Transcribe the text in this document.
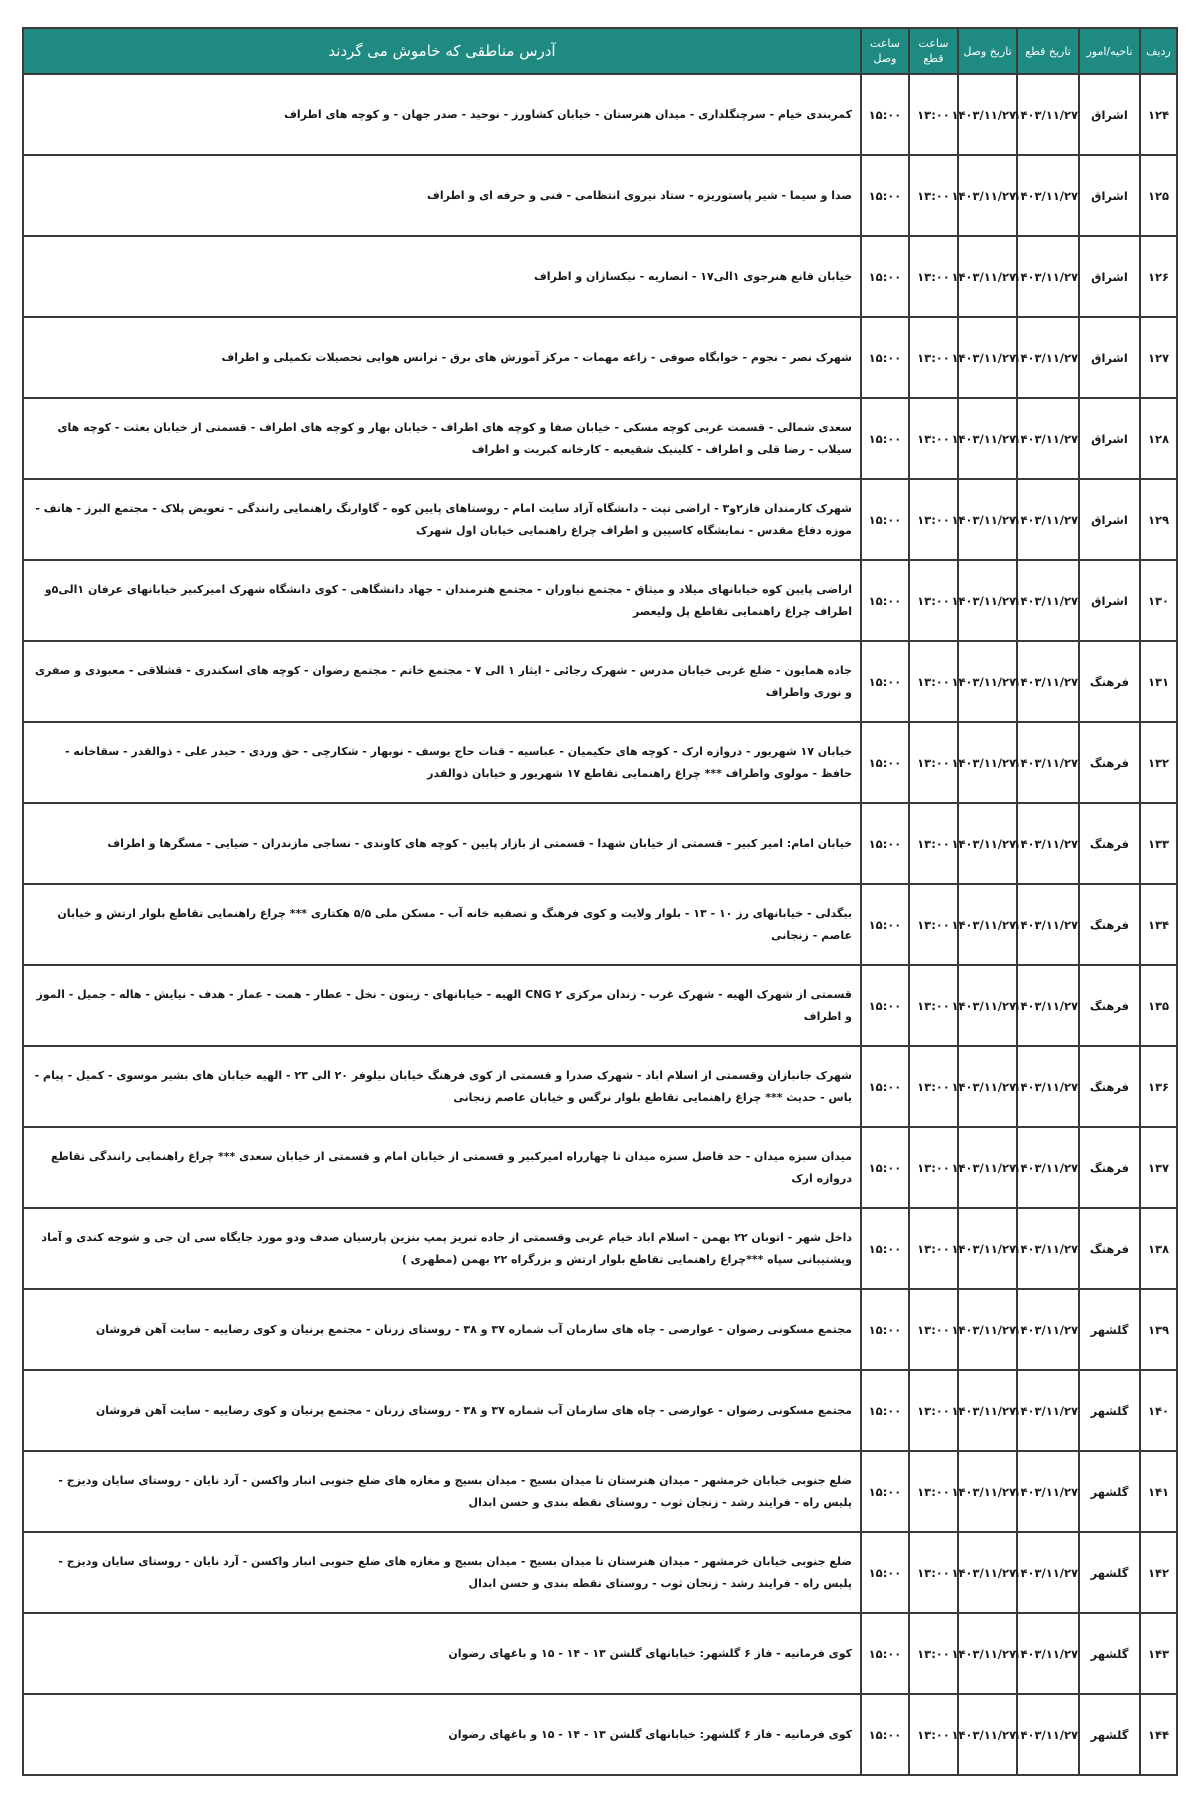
ردیف	ناحیه/امور	تاریخ قطع	تاریخ وصل	ساعت قطع	ساعت وصل	آدرس مناطقی که خاموش می گردند

۱۲۴	اشراق	۱۴۰۳/۱۱/۲۷	۱۴۰۳/۱۱/۲۷	۱۳:۰۰	۱۵:۰۰	کمربندی خیام - سرچنگلداری - میدان هنرستان - خیابان کشاورز - نوحید - صدر جهان - و کوچه های اطراف
۱۲۵	اشراق	۱۴۰۳/۱۱/۲۷	۱۴۰۳/۱۱/۲۷	۱۳:۰۰	۱۵:۰۰	صدا و سیما - شیر پاستوریزه - ستاد نیروی انتظامی - فنی و حرفه ای و اطراف
۱۲۶	اشراق	۱۴۰۳/۱۱/۲۷	۱۴۰۳/۱۱/۲۷	۱۳:۰۰	۱۵:۰۰	خیابان قانع هنرجوی ۱الی۱۷ - انصاریه - نیکسازان و اطراف
۱۲۷	اشراق	۱۴۰۳/۱۱/۲۷	۱۴۰۳/۱۱/۲۷	۱۳:۰۰	۱۵:۰۰	شهرک نصر - نجوم - خوابگاه صوفی - زاغه مهمات - مرکز آموزش های برق - ترانس هوایی تحصیلات تکمیلی و اطراف
۱۲۸	اشراق	۱۴۰۳/۱۱/۲۷	۱۴۰۳/۱۱/۲۷	۱۳:۰۰	۱۵:۰۰	سعدی شمالی - قسمت غربی کوچه مسکی - خیابان صفا و کوچه های اطراف - خیابان بهار و کوچه های اطراف - قسمتی از خیابان بعثت - کوچه های سیلاب - رضا قلی و اطراف - کلینیک شقیعیه - کارخانه کبریت و اطراف
۱۲۹	اشراق	۱۴۰۳/۱۱/۲۷	۱۴۰۳/۱۱/۲۷	۱۳:۰۰	۱۵:۰۰	شهرک کارمندان فاز۲و۳ - اراضی تپت - دانشگاه آزاد سایت امام - روستاهای پایین کوه - گاوارنگ راهنمایی رانندگی - تعویض پلاک - مجتمع البرز - هاتف - موزه دفاع مقدس - نمایشگاه کاسپین و اطراف چراغ راهنمایی خیابان اول شهرک
۱۳۰	اشراق	۱۴۰۳/۱۱/۲۷	۱۴۰۳/۱۱/۲۷	۱۳:۰۰	۱۵:۰۰	اراضی پایین کوه خیابانهای میلاد و میثاق - مجتمع نیاوران - مجتمع هنرمندان - جهاد دانشگاهی - کوی دانشگاه شهرک امیرکبیر خیابانهای عرفان ۱الی۵و اطراف چراغ راهنمایی تقاطع پل ولیعصر
۱۳۱	فرهنگ	۱۴۰۳/۱۱/۲۷	۱۴۰۳/۱۱/۲۷	۱۳:۰۰	۱۵:۰۰	جاده همایون - ضلع غربی خیابان مدرس - شهرک رجائی - ایثار ۱ الی ۷ - مجتمع خاتم - مجتمع رضوان - کوچه های اسکندری - قشلاقی - معبودی و صفری و نوری واطراف
۱۳۲	فرهنگ	۱۴۰۳/۱۱/۲۷	۱۴۰۳/۱۱/۲۷	۱۳:۰۰	۱۵:۰۰	خیابان ۱۷ شهریور - دروازه ارک - کوچه های حکیمیان - عباسیه - قنات حاج یوسف - نوبهار - شکارچی - حق وردی - حیدر علی - ذوالقدر - سقاخانه - حافظ - مولوی واطراف *** چراغ راهنمایی تقاطع ۱۷ شهریور و خیابان ذوالقدر
۱۳۳	فرهنگ	۱۴۰۳/۱۱/۲۷	۱۴۰۳/۱۱/۲۷	۱۳:۰۰	۱۵:۰۰	خیابان امام: امیر کبیر - قسمتی از خیابان شهدا - قسمتی از بازار پایین - کوچه های کاوندی - نساجی مازندران - ضیایی - مسگرها و اطراف
۱۳۴	فرهنگ	۱۴۰۳/۱۱/۲۷	۱۴۰۳/۱۱/۲۷	۱۳:۰۰	۱۵:۰۰	بیگدلی - خیابانهای رز ۱۰ - ۱۳ - بلوار ولایت و کوی فرهنگ و تصفیه خانه آب - مسکن ملی ۵/۵ هکتاری *** چراغ راهنمایی تقاطع بلوار ارتش و خیابان عاصم - زنجانی
۱۳۵	فرهنگ	۱۴۰۳/۱۱/۲۷	۱۴۰۳/۱۱/۲۷	۱۳:۰۰	۱۵:۰۰	قسمتی از شهرک الهیه - شهرک غرب - زندان مرکزی CNG ۲ الهیه - خیابانهای - زیتون - نخل - عطار - همت - عمار - هدف - نیایش - هاله - جمیل - الموز و اطراف
۱۳۶	فرهنگ	۱۴۰۳/۱۱/۲۷	۱۴۰۳/۱۱/۲۷	۱۳:۰۰	۱۵:۰۰	شهرک جانبازان وقسمتی از اسلام اباد - شهرک صدرا و قسمتی از کوی فرهنگ خیابان نیلوفر ۲۰ الی ۲۳ - الهیه خیابان های بشیر موسوی - کمیل - پیام - یاس - حدیث *** چراغ راهنمایی تقاطع بلوار نرگس و خیابان عاصم زنجانی
۱۳۷	فرهنگ	۱۴۰۳/۱۱/۲۷	۱۴۰۳/۱۱/۲۷	۱۳:۰۰	۱۵:۰۰	میدان سبزه میدان - حد فاصل سبزه میدان تا چهارراه امیرکبیر و قسمتی از خیابان امام و قسمتی از خیابان سعدی *** چراغ راهنمایی رانندگی تقاطع دروازه ارک
۱۳۸	فرهنگ	۱۴۰۳/۱۱/۲۷	۱۴۰۳/۱۱/۲۷	۱۳:۰۰	۱۵:۰۰	داخل شهر - اتوبان ۲۲ بهمن - اسلام اباد خیام غربی وقسمتی از جاده تبریز پمپ بنزین پارسیان صدف ودو مورد جایگاه سی ان جی و شوجه کندی و آماد وپشتیبانی سپاه ***چراغ راهنمایی تقاطع بلوار ارتش و بزرگراه ۲۲ بهمن (مطهری )
۱۳۹	گلشهر	۱۴۰۳/۱۱/۲۷	۱۴۰۳/۱۱/۲۷	۱۳:۰۰	۱۵:۰۰	مجتمع مسکونی رضوان - عوارضی - چاه های سازمان آب شماره ۳۷ و ۳۸ - روستای زرنان - مجتمع پرنیان و کوی رضاییه - سایت آهن فروشان
۱۴۰	گلشهر	۱۴۰۳/۱۱/۲۷	۱۴۰۳/۱۱/۲۷	۱۳:۰۰	۱۵:۰۰	مجتمع مسکونی رضوان - عوارضی - چاه های سازمان آب شماره ۳۷ و ۳۸ - روستای زرنان - مجتمع پرنیان و کوی رضاییه - سایت آهن فروشان
۱۴۱	گلشهر	۱۴۰۳/۱۱/۲۷	۱۴۰۳/۱۱/۲۷	۱۳:۰۰	۱۵:۰۰	ضلع جنوبی خیابان خرمشهر - میدان هنرستان تا میدان بسیج - میدان بسیج و مغازه های ضلع جنوبی انبار واکسن - آرد نایان - روستای سایان ودیزج - پلیس راه - فرایند رشد - زنجان ثوب - روستای نقطه بندی و حسن ابدال
۱۴۲	گلشهر	۱۴۰۳/۱۱/۲۷	۱۴۰۳/۱۱/۲۷	۱۳:۰۰	۱۵:۰۰	ضلع جنوبی خیابان خرمشهر - میدان هنرستان تا میدان بسیج - میدان بسیج و مغازه های ضلع جنوبی انبار واکسن - آرد نایان - روستای سایان ودیزج - پلیس راه - فرایند رشد - زنجان ثوب - روستای نقطه بندی و حسن ابدال
۱۴۳	گلشهر	۱۴۰۳/۱۱/۲۷	۱۴۰۳/۱۱/۲۷	۱۳:۰۰	۱۵:۰۰	کوی فرمانیه - فاز ۶ گلشهر: خیابانهای گلشن ۱۳ - ۱۴ - ۱۵ و باغهای رضوان
۱۴۴	گلشهر	۱۴۰۳/۱۱/۲۷	۱۴۰۳/۱۱/۲۷	۱۳:۰۰	۱۵:۰۰	کوی فرمانیه - فاز ۶ گلشهر: خیابانهای گلشن ۱۳ - ۱۴ - ۱۵ و باغهای رضوان
